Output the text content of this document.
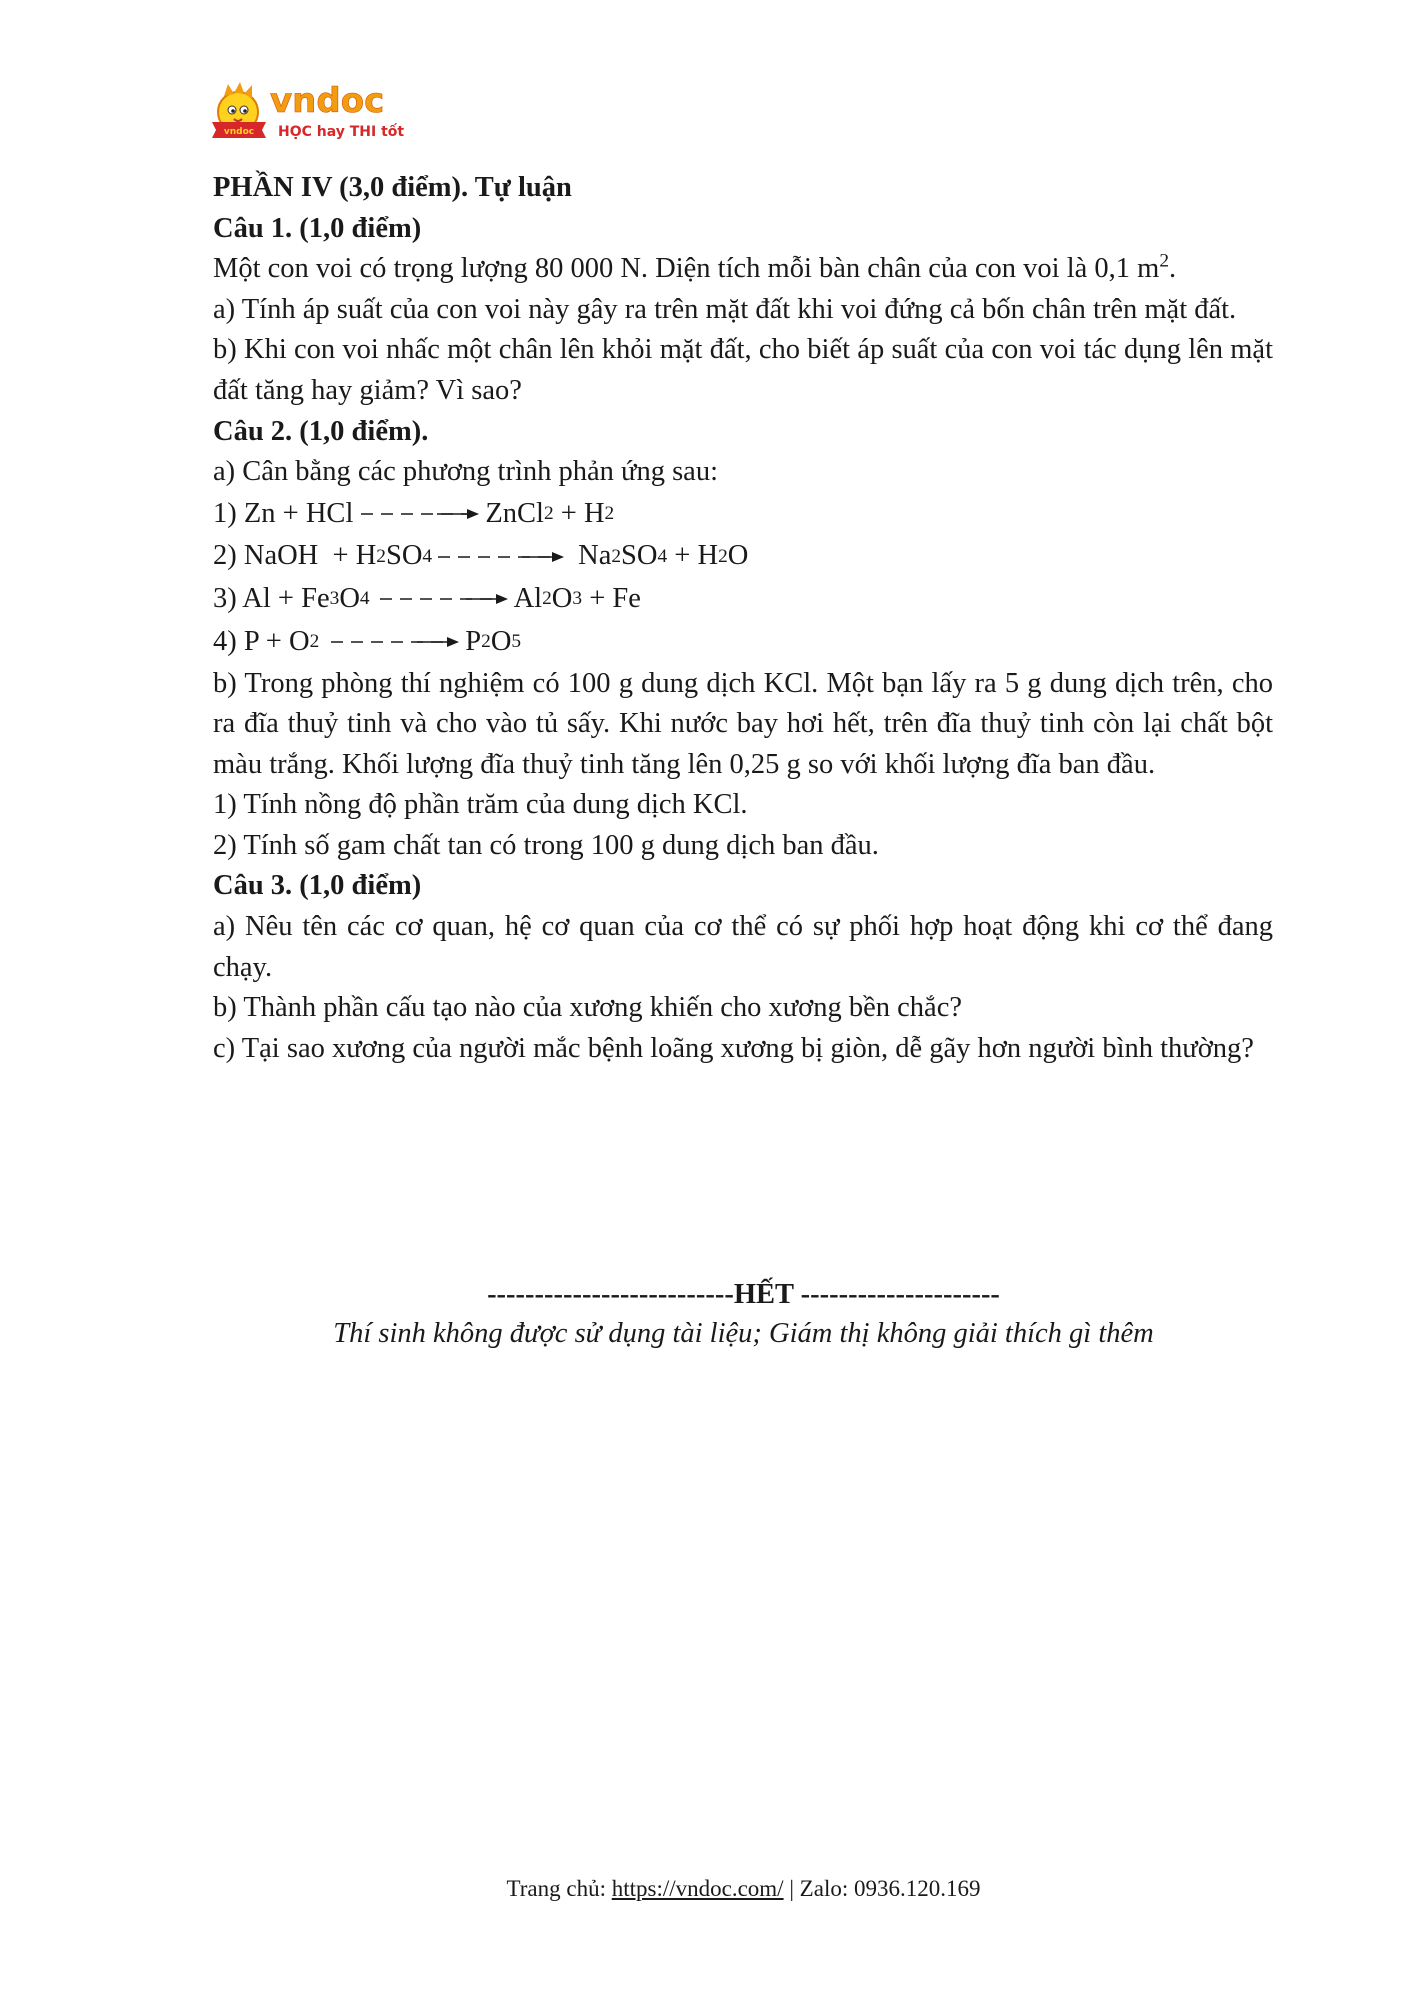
vndoc
vndoc
HỌC hay THI tốt

PHẦN IV (3,0 điểm). Tự luận

Câu 1. (1,0 điểm)

Một con voi có trọng lượng 80 000 N. Diện tích mỗi bàn chân của con voi là 0,1 $m^2$.

a) Tính áp suất của con voi này gây ra trên mặt đất khi voi đứng cả bốn chân trên mặt đất.

b) Khi con voi nhấc một chân lên khỏi mặt đất, cho biết áp suất của con voi tác dụng lên mặt đất tăng hay giảm? Vì sao?

Câu 2. (1,0 điểm).

a) Cân bằng các phương trình phản ứng sau:

1) Zn + HCl	ZnCl 2 + H 2
2) NaOH  + H 2 SO 4	Na 2 SO 4 + H 2 O
3) Al + Fe 3 O 4	Al 2 O 3 + Fe
4) P + O 2	P 2 O 5

b) Trong phòng thí nghiệm có 100 g dung dịch KCl. Một bạn lấy ra 5 g dung dịch trên, cho ra đĩa thuỷ tinh và cho vào tủ sấy. Khi nước bay hơi hết, trên đĩa thuỷ tinh còn lại chất bột màu trắng. Khối lượng đĩa thuỷ tinh tăng lên 0,25 g so với khối lượng đĩa ban đầu.

1) Tính nồng độ phần trăm của dung dịch KCl.

2) Tính số gam chất tan có trong 100 g dung dịch ban đầu.

Câu 3. (1,0 điểm)

a) Nêu tên các cơ quan, hệ cơ quan của cơ thể có sự phối hợp hoạt động khi cơ thể đang chạy.

b) Thành phần cấu tạo nào của xương khiến cho xương bền chắc?

c) Tại sao xương của người mắc bệnh loãng xương bị giòn, dễ gãy hơn người bình thường?

--------------------------HẾT ---------------------
Thí sinh không được sử dụng tài liệu; Giám thị không giải thích gì thêm
Trang chủ: https://vndoc.com/ | Zalo: 0936.120.169
